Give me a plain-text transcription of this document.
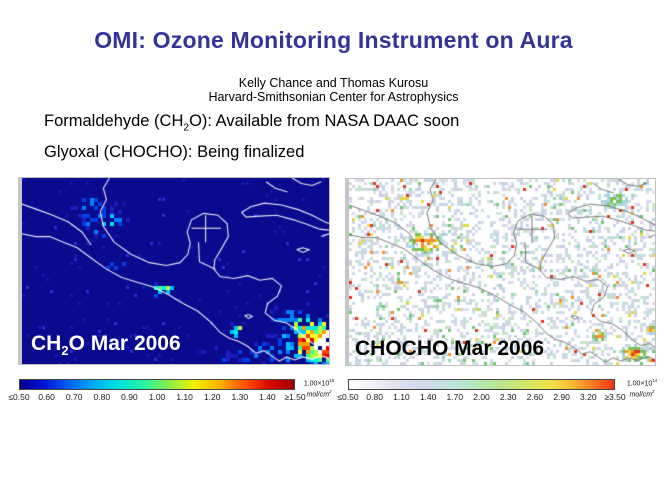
OMI: Ozone Monitoring Instrument on Aura
Kelly Chance and Thomas Kurosu
Harvard-Smithsonian Center for Astrophysics
Formaldehyde $(CH_2O)$: Available from NASA DAAC soon
Glyoxal (CHOCHO): Being finalized
$CH_2O$ Mar 2006	CHOCHO Mar 2006
≤0.50 0.60 0.70 0.80 0.90 1.00 1.10 1.20 1.30 1.40 ≥1.50
$1.00\times 10^{16}$
mol/$cm^2$
≤0.50 0.80 1.10 1.40 1.70 2.00 2.30 2.60 2.90 3.20 ≥3.50
$1.00\times 10^{14}$
mol/$cm^2$
